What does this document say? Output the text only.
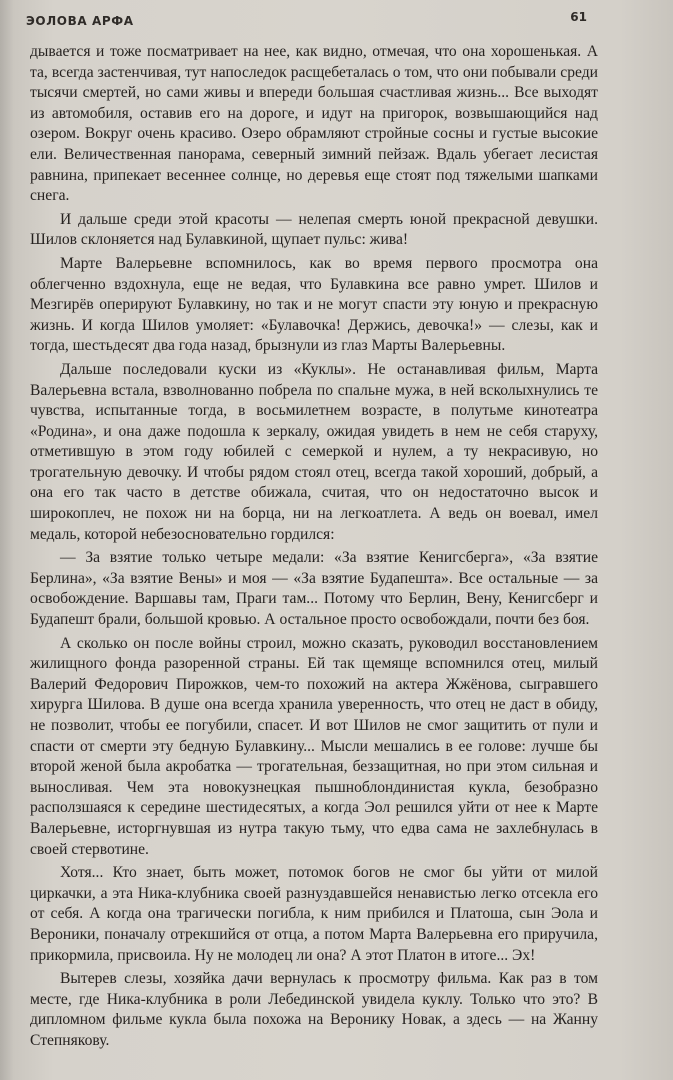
ЭОЛОВА АРФА	61

дывается и тоже посматривает на нее, как видно, отмечая, что она хорошенькая. А та, всегда застенчивая, тут напоследок расщебеталась о том, что они побывали среди тысячи смертей, но сами живы и впереди большая счастливая жизнь... Все выходят из автомобиля, оставив его на дороге, и идут на пригорок, возвышающийся над озером. Вокруг очень красиво. Озеро обрамляют стройные сосны и густые высокие ели. Величественная панорама, северный зимний пейзаж. Вдаль убегает лесистая равнина, припекает весеннее солнце, но деревья еще стоят под тяжелыми шапками снега.

И дальше среди этой красоты — нелепая смерть юной прекрасной девушки. Шилов склоняется над Булавкиной, щупает пульс: жива!

Марте Валерьевне вспомнилось, как во время первого просмотра она облегченно вздохнула, еще не ведая, что Булавкина все равно умрет. Шилов и Мезгирёв оперируют Булавкину, но так и не могут спасти эту юную и прекрасную жизнь. И когда Шилов умоляет: «Булавочка! Держись, девочка!» — слезы, как и тогда, шестьдесят два года назад, брызнули из глаз Марты Валерьевны.

Дальше последовали куски из «Куклы». Не останавливая фильм, Марта Валерьевна встала, взволнованно побрела по спальне мужа, в ней всколыхнулись те чувства, испытанные тогда, в восьмилетнем возрасте, в полутьме кинотеатра «Родина», и она даже подошла к зеркалу, ожидая увидеть в нем не себя старуху, отметившую в этом году юбилей с семеркой и нулем, а ту некрасивую, но трогательную девочку. И чтобы рядом стоял отец, всегда такой хороший, добрый, а она его так часто в детстве обижала, считая, что он недостаточно высок и широкоплеч, не похож ни на борца, ни на легкоатлета. А ведь он воевал, имел медаль, которой небезосновательно гордился:

— За взятие только четыре медали: «За взятие Кенигсберга», «За взятие Берлина», «За взятие Вены» и моя — «За взятие Будапешта». Все остальные — за освобождение. Варшавы там, Праги там... Потому что Берлин, Вену, Кенигсберг и Будапешт брали, большой кровью. А остальное просто освобождали, почти без боя.

А сколько он после войны строил, можно сказать, руководил восстановлением жилищного фонда разоренной страны. Ей так щемяще вспомнился отец, милый Валерий Федорович Пирожков, чем-то похожий на актера Жжёнова, сыгравшего хирурга Шилова. В душе она всегда хранила уверенность, что отец не даст в обиду, не позволит, чтобы ее погубили, спасет. И вот Шилов не смог защитить от пули и спасти от смерти эту бедную Булавкину... Мысли мешались в ее голове: лучше бы второй женой была акробатка — трогательная, беззащитная, но при этом сильная и выносливая. Чем эта новокузнецкая пышноблондинистая кукла, безобразно расползшаяся к середине шестидесятых, а когда Эол решился уйти от нее к Марте Валерьевне, исторгнувшая из нутра такую тьму, что едва сама не захлебнулась в своей стервотине.

Хотя... Кто знает, быть может, потомок богов не смог бы уйти от милой циркачки, а эта Ника-клубника своей разнуздавшейся ненавистью легко отсекла его от себя. А когда она трагически погибла, к ним прибился и Платоша, сын Эола и Вероники, поначалу отрекшийся от отца, а потом Марта Валерьевна его приручила, прикормила, присвоила. Ну не молодец ли она? А этот Платон в итоге... Эх!

Вытерев слезы, хозяйка дачи вернулась к просмотру фильма. Как раз в том месте, где Ника-клубника в роли Лебединской увидела куклу. Только что это? В дипломном фильме кукла была похожа на Веронику Новак, а здесь — на Жанну Степнякову.
